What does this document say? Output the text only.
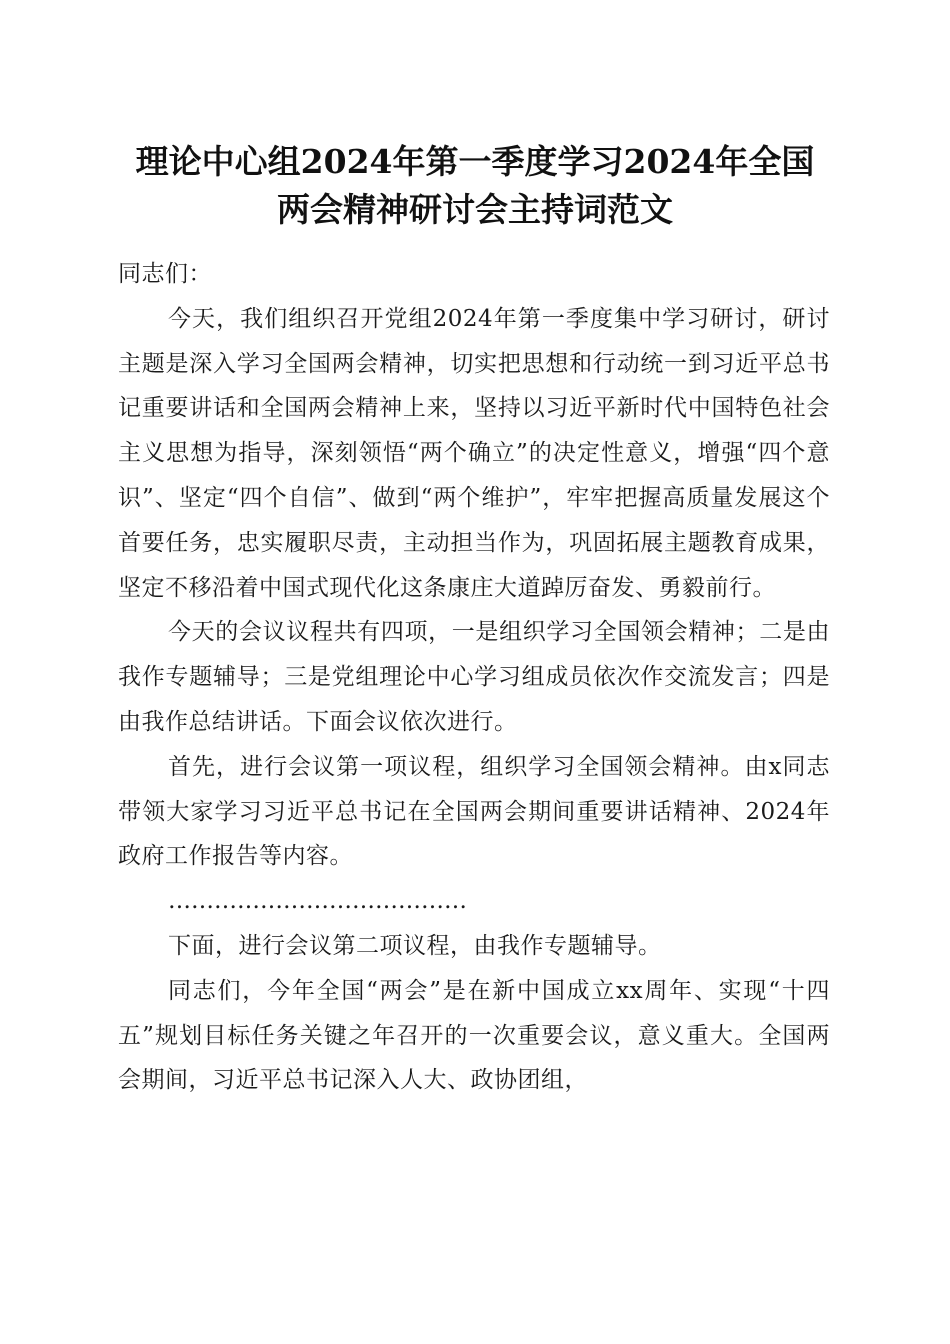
理论中心组2024年第一季度学习2024年全国
两会精神研讨会主持词范文

同志们：

今天，我们组织召开党组2024年第一季度集中学习研讨，研讨主题是深入学习全国两会精神，切实把思想和行动统一到习近平总书记重要讲话和全国两会精神上来，坚持以习近平新时代中国特色社会主义思想为指导，深刻领悟“两个确立”的决定性意义，增强“四个意识”、坚定“四个自信”、做到“两个维护”，牢牢把握高质量发展这个首要任务，忠实履职尽责，主动担当作为，巩固拓展主题教育成果，坚定不移沿着中国式现代化这条康庄大道踔厉奋发、勇毅前行。

今天的会议议程共有四项，一是组织学习全国领会精神；二是由我作专题辅导；三是党组理论中心学习组成员依次作交流发言；四是由我作总结讲话。下面会议依次进行。

首先，进行会议第一项议程，组织学习全国领会精神。由x同志带领大家学习习近平总书记在全国两会期间重要讲话精神、2024年政府工作报告等内容。

…………………………………

下面，进行会议第二项议程，由我作专题辅导。

同志们，今年全国“两会”是在新中国成立xx周年、实现“十四五”规划目标任务关键之年召开的一次重要会议，意义重大。全国两会期间，习近平总书记深入人大、政协团组，
